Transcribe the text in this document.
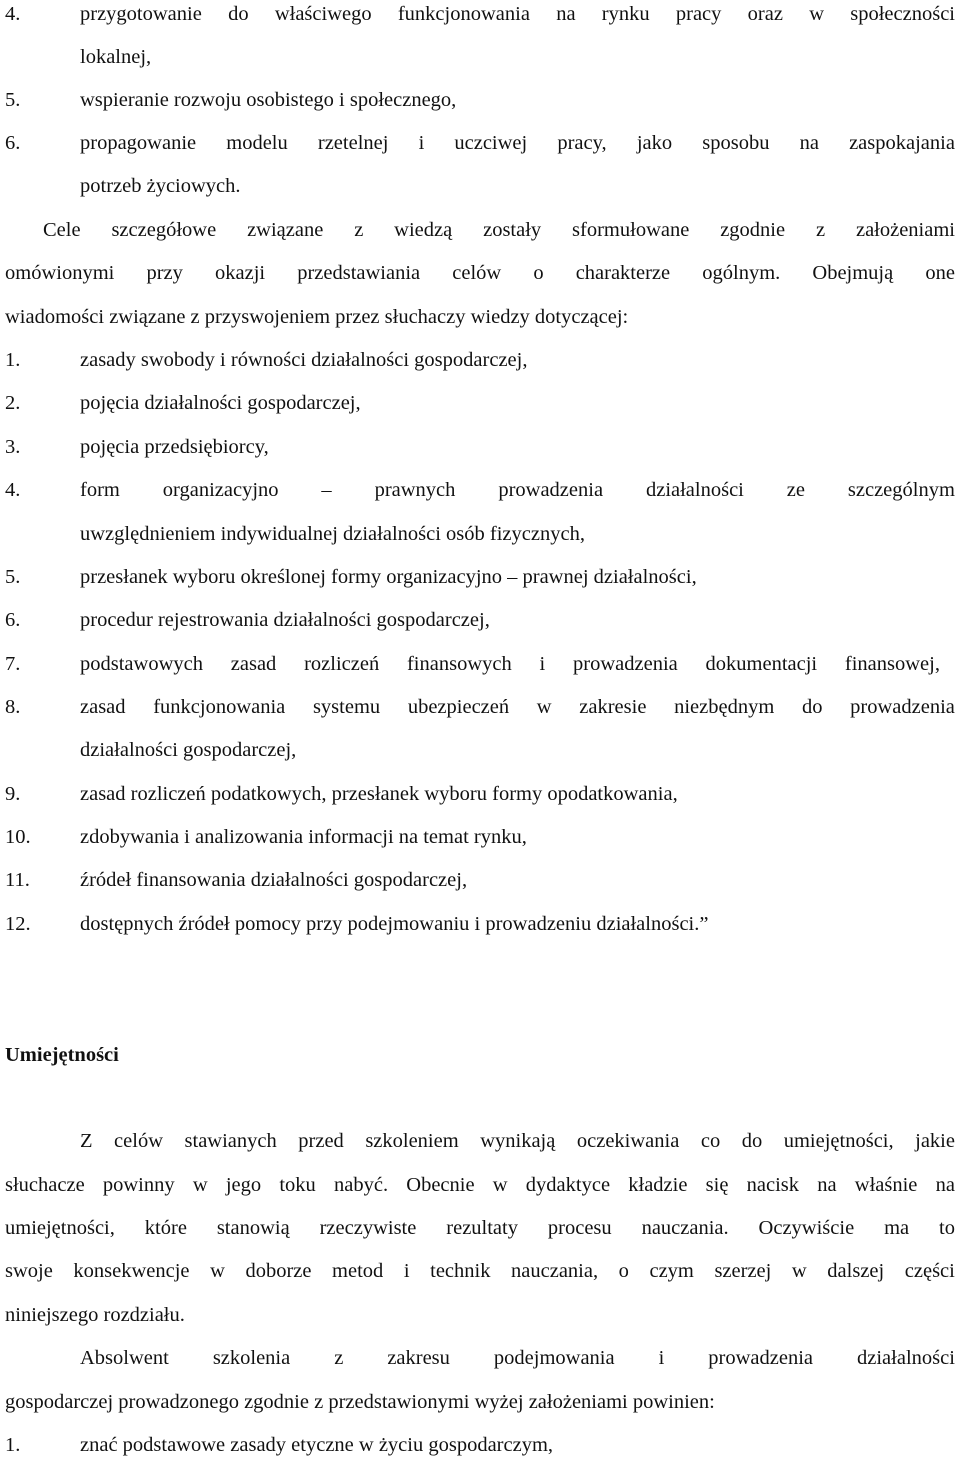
4.	przygotowanie do właściwego funkcjonowania na rynku pracy oraz w społeczności
lokalnej,
5.	wspieranie rozwoju osobistego i społecznego,
6.	propagowanie modelu rzetelnej i uczciwej pracy, jako sposobu na zaspokajania
potrzeb życiowych.
Cele szczegółowe związane z wiedzą zostały sformułowane zgodnie z założeniami
omówionymi przy okazji przedstawiania celów o charakterze ogólnym. Obejmują one
wiadomości związane z przyswojeniem przez słuchaczy wiedzy dotyczącej:
1.	zasady swobody i równości działalności gospodarczej,
2.	pojęcia działalności gospodarczej,
3.	pojęcia przedsiębiorcy,
4.	form organizacyjno – prawnych prowadzenia działalności ze szczególnym
uwzględnieniem indywidualnej działalności osób fizycznych,
5.	przesłanek wyboru określonej formy organizacyjno – prawnej działalności,
6.	procedur rejestrowania działalności gospodarczej,
7.	podstawowych zasad rozliczeń finansowych i prowadzenia dokumentacji finansowej,
8.	zasad funkcjonowania systemu ubezpieczeń w zakresie niezbędnym do prowadzenia
działalności gospodarczej,
9.	zasad rozliczeń podatkowych, przesłanek wyboru formy opodatkowania,
10. zdobywania i analizowania informacji na temat rynku,
11. źródeł finansowania działalności gospodarczej,
12. dostępnych źródeł pomocy przy podejmowaniu i prowadzeniu działalności.”
Umiejętności
Z celów stawianych przed szkoleniem wynikają oczekiwania co do umiejętności, jakie
słuchacze powinny w jego toku nabyć. Obecnie w dydaktyce kładzie się nacisk na właśnie na
umiejętności, które stanowią rzeczywiste rezultaty procesu nauczania. Oczywiście ma to
swoje konsekwencje w doborze metod i technik nauczania, o czym szerzej w dalszej części
niniejszego rozdziału.
Absolwent szkolenia z zakresu podejmowania i prowadzenia działalności
gospodarczej prowadzonego zgodnie z przedstawionymi wyżej założeniami powinien:
1.	znać podstawowe zasady etyczne w życiu gospodarczym,
